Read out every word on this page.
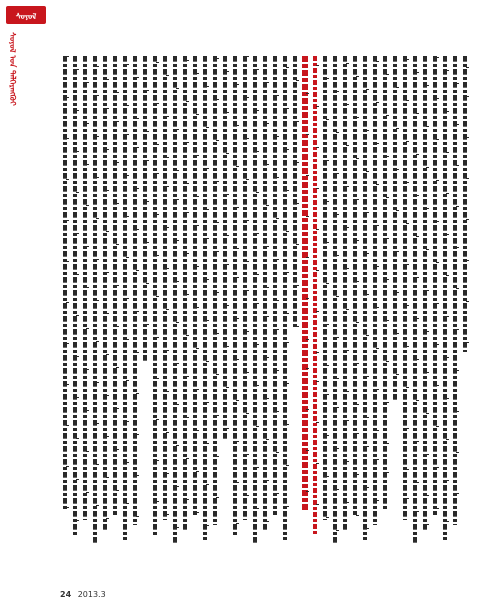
ᠰᠣᠶᠣᠯ
ᠰᠣᠶᠣᠯ ᠤᠨ ᠳᠡᠯᠭᠡᠷᠡᠩᠭᠦᠢ
24 2013.3
